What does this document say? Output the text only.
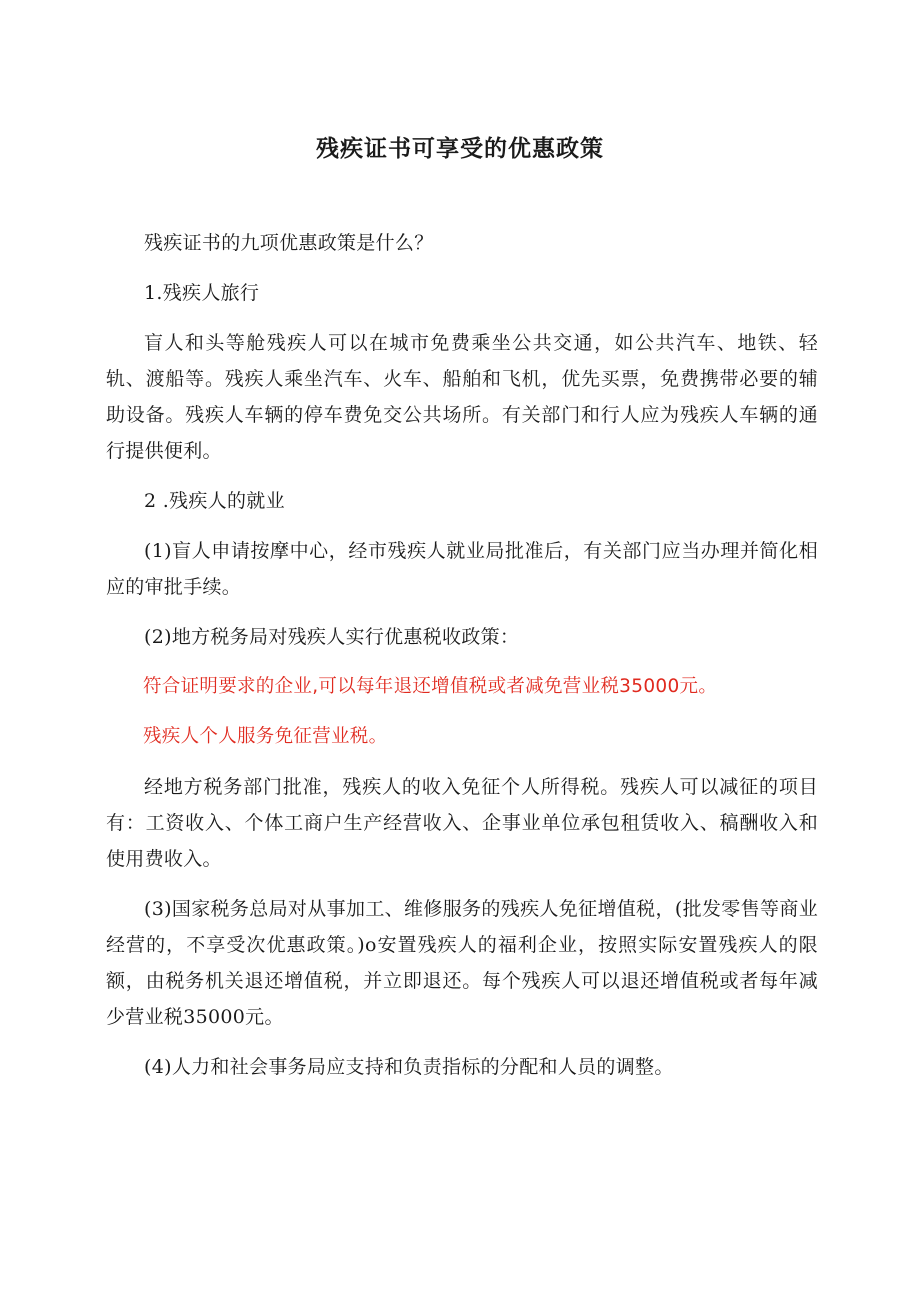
残疾证书可享受的优惠政策

残疾证书的九项优惠政策是什么？

1.残疾人旅行

盲人和头等舱残疾人可以在城市免费乘坐公共交通，如公共汽车、地铁、轻轨、渡船等。残疾人乘坐汽车、火车、船舶和飞机，优先买票，免费携带必要的辅助设备。残疾人车辆的停车费免交公共场所。有关部门和行人应为残疾人车辆的通行提供便利。

2 .残疾人的就业

(1)盲人申请按摩中心，经市残疾人就业局批准后，有关部门应当办理并简化相应的审批手续。

(2)地方税务局对残疾人实行优惠税收政策：

符合证明要求的企业,可以每年退还增值税或者减免营业税35000元。

残疾人个人服务免征营业税。

经地方税务部门批准，残疾人的收入免征个人所得税。残疾人可以减征的项目有：工资收入、个体工商户生产经营收入、企事业单位承包租赁收入、稿酬收入和使用费收入。

(3)国家税务总局对从事加工、维修服务的残疾人免征增值税，(批发零售等商业经营的，不享受次优惠政策。)o安置残疾人的福利企业，按照实际安置残疾人的限额，由税务机关退还增值税，并立即退还。每个残疾人可以退还增值税或者每年减少营业税35000元。

(4)人力和社会事务局应支持和负责指标的分配和人员的调整。
